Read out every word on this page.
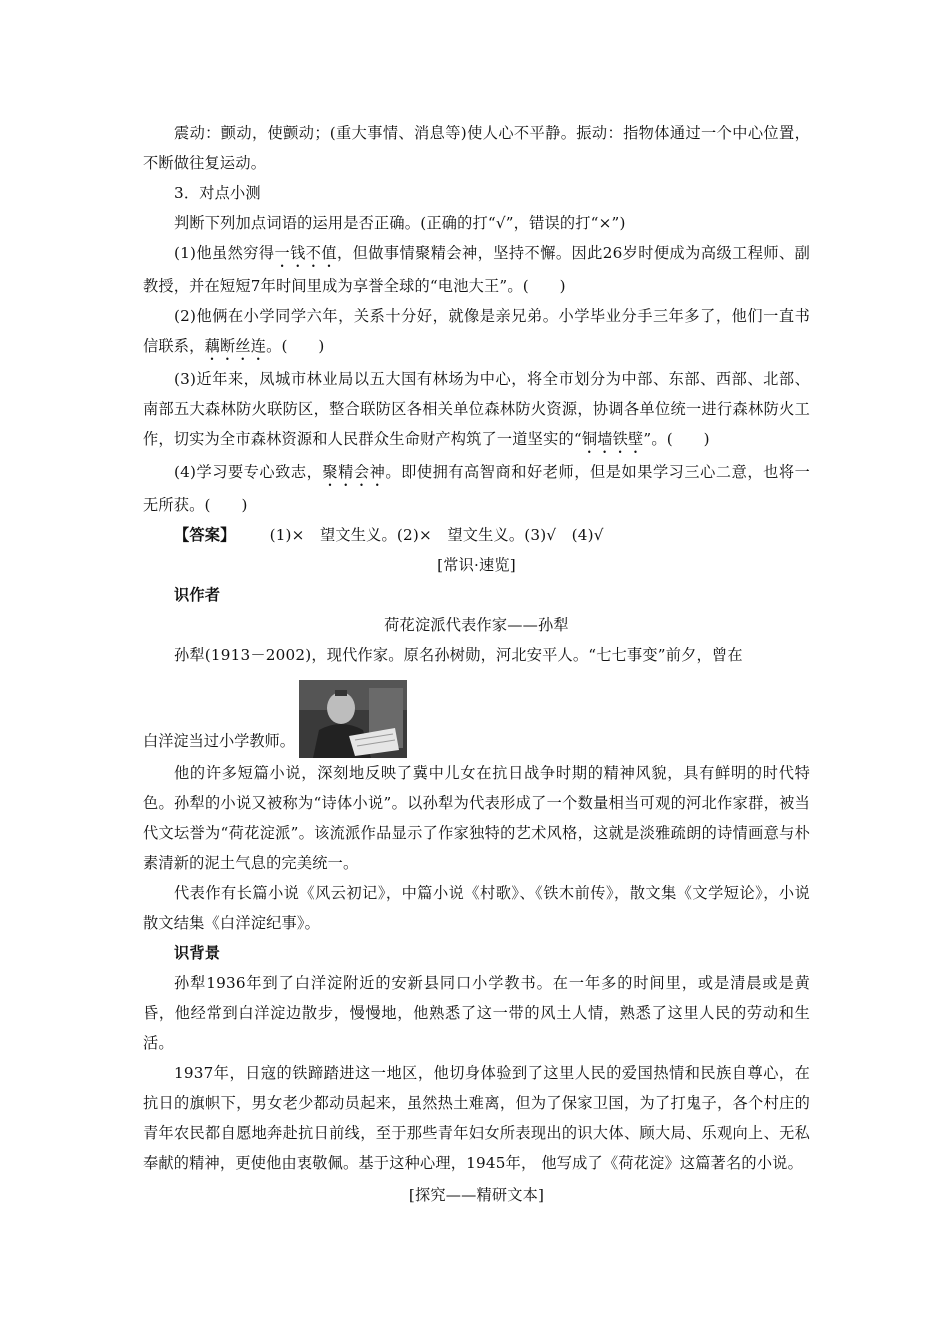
震动：颤动，使颤动；(重大事情、消息等)使人心不平静。振动：指物体通过一个中心位置，不断做往复运动。

3．对点小测

判断下列加点词语的运用是否正确。(正确的打“√”，错误的打“×”)

(1)他虽然穷得一钱不值，但做事情聚精会神，坚持不懈。因此26岁时便成为高级工程师、副教授，并在短短7年时间里成为享誉全球的“电池大王”。(　　)

(2)他俩在小学同学六年，关系十分好，就像是亲兄弟。小学毕业分手三年多了，他们一直书信联系，藕断丝连。(　　)

(3)近年来，凤城市林业局以五大国有林场为中心，将全市划分为中部、东部、西部、北部、南部五大森林防火联防区，整合联防区各相关单位森林防火资源，协调各单位统一进行森林防火工作，切实为全市森林资源和人民群众生命财产构筑了一道坚实的“铜墙铁壁”。(　　)

(4)学习要专心致志，聚精会神。即使拥有高智商和好老师，但是如果学习三心二意，也将一无所获。(　　)

【答案】 (1)×　望文生义。(2)×　望文生义。(3)√　(4)√

[常识·速览]

识作者

荷花淀派代表作家——孙犁

孙犁(1913－2002)，现代作家。原名孙树勋，河北安平人。“七七事变”前夕，曾在

白洋淀当过小学教师。

他的许多短篇小说，深刻地反映了冀中儿女在抗日战争时期的精神风貌，具有鲜明的时代特色。孙犁的小说又被称为“诗体小说”。以孙犁为代表形成了一个数量相当可观的河北作家群，被当代文坛誉为“荷花淀派”。该流派作品显示了作家独特的艺术风格，这就是淡雅疏朗的诗情画意与朴素清新的泥土气息的完美统一。

代表作有长篇小说《风云初记》，中篇小说《村歌》、《铁木前传》，散文集《文学短论》，小说散文结集《白洋淀纪事》。

识背景

孙犁1936年到了白洋淀附近的安新县同口小学教书。在一年多的时间里，或是清晨或是黄昏，他经常到白洋淀边散步，慢慢地，他熟悉了这一带的风土人情，熟悉了这里人民的劳动和生活。

1937年，日寇的铁蹄踏进这一地区，他切身体验到了这里人民的爱国热情和民族自尊心，在抗日的旗帜下，男女老少都动员起来，虽然热土难离，但为了保家卫国，为了打鬼子，各个村庄的青年农民都自愿地奔赴抗日前线，至于那些青年妇女所表现出的识大体、顾大局、乐观向上、无私奉献的精神，更使他由衷敬佩。基于这种心理，1945年， 他写成了《荷花淀》这篇著名的小说。

[探究——精研文本]
